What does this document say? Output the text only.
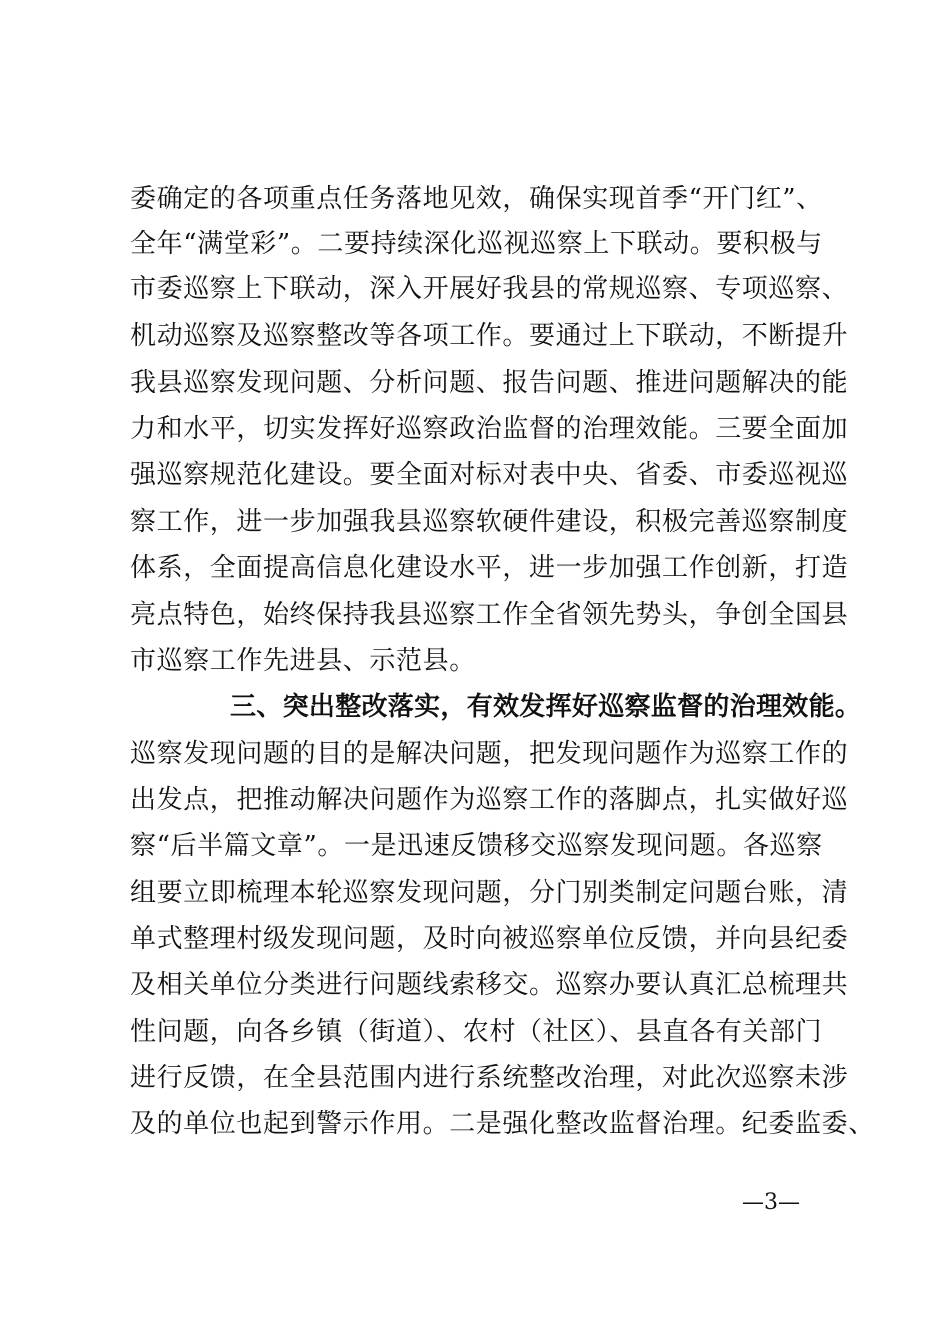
委确定的各项重点任务落地见效，确保实现首季“开门红”、
全年“满堂彩”。二要持续深化巡视巡察上下联动。要积极与
市委巡察上下联动，深入开展好我县的常规巡察、专项巡察、
机动巡察及巡察整改等各项工作。要通过上下联动，不断提升
我县巡察发现问题、分析问题、报告问题、推进问题解决的能
力和水平，切实发挥好巡察政治监督的治理效能。三要全面加
强巡察规范化建设。要全面对标对表中央、省委、市委巡视巡
察工作，进一步加强我县巡察软硬件建设，积极完善巡察制度
体系，全面提高信息化建设水平，进一步加强工作创新，打造
亮点特色，始终保持我县巡察工作全省领先势头，争创全国县
市巡察工作先进县、示范县。
三、突出整改落实，有效发挥好巡察监督的治理效能。
巡察发现问题的目的是解决问题，把发现问题作为巡察工作的
出发点，把推动解决问题作为巡察工作的落脚点，扎实做好巡
察“后半篇文章”。一是迅速反馈移交巡察发现问题。各巡察
组要立即梳理本轮巡察发现问题，分门别类制定问题台账，清
单式整理村级发现问题，及时向被巡察单位反馈，并向县纪委
及相关单位分类进行问题线索移交。巡察办要认真汇总梳理共
性问题，向各乡镇（街道）、农村（社区）、县直各有关部门
进行反馈，在全县范围内进行系统整改治理，对此次巡察未涉
及的单位也起到警示作用。二是强化整改监督治理。纪委监委、
—3—
